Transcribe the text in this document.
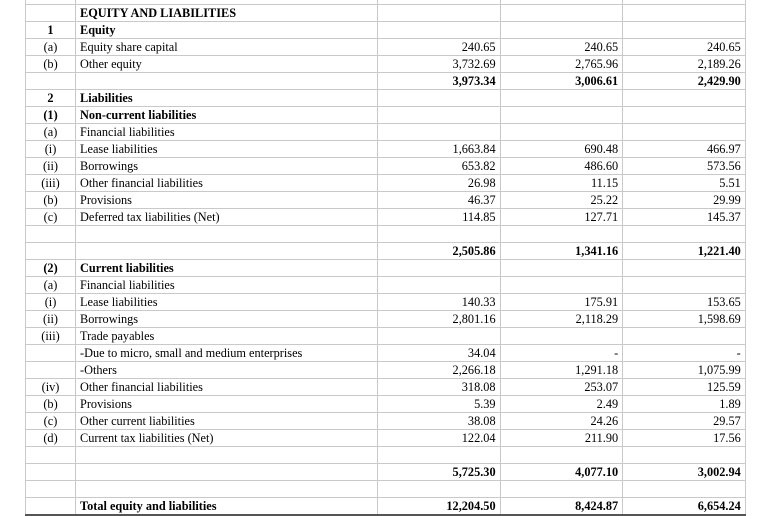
	EQUITY AND LIABILITIES			
1	Equity			
(a)	Equity share capital	240.65	240.65	240.65
(b)	Other equity	3,732.69	2,765.96	2,189.26
		3,973.34	3,006.61	2,429.90
2	Liabilities			
(1)	Non-current liabilities			
(a)	Financial liabilities			
(i)	Lease liabilities	1,663.84	690.48	466.97
(ii)	Borrowings	653.82	486.60	573.56
(iii)	Other financial liabilities	26.98	11.15	5.51
(b)	Provisions	46.37	25.22	29.99
(c)	Deferred tax liabilities (Net)	114.85	127.71	145.37

		2,505.86	1,341.16	1,221.40
(2)	Current liabilities			
(a)	Financial liabilities			
(i)	Lease liabilities	140.33	175.91	153.65
(ii)	Borrowings	2,801.16	2,118.29	1,598.69
(iii)	Trade payables			
	-Due to micro, small and medium enterprises	34.04	-	-
	-Others	2,266.18	1,291.18	1,075.99
(iv)	Other financial liabilities	318.08	253.07	125.59
(b)	Provisions	5.39	2.49	1.89
(c)	Other current liabilities	38.08	24.26	29.57
(d)	Current tax liabilities (Net)	122.04	211.90	17.56

		5,725.30	4,077.10	3,002.94

	Total equity and liabilities	12,204.50	8,424.87	6,654.24
